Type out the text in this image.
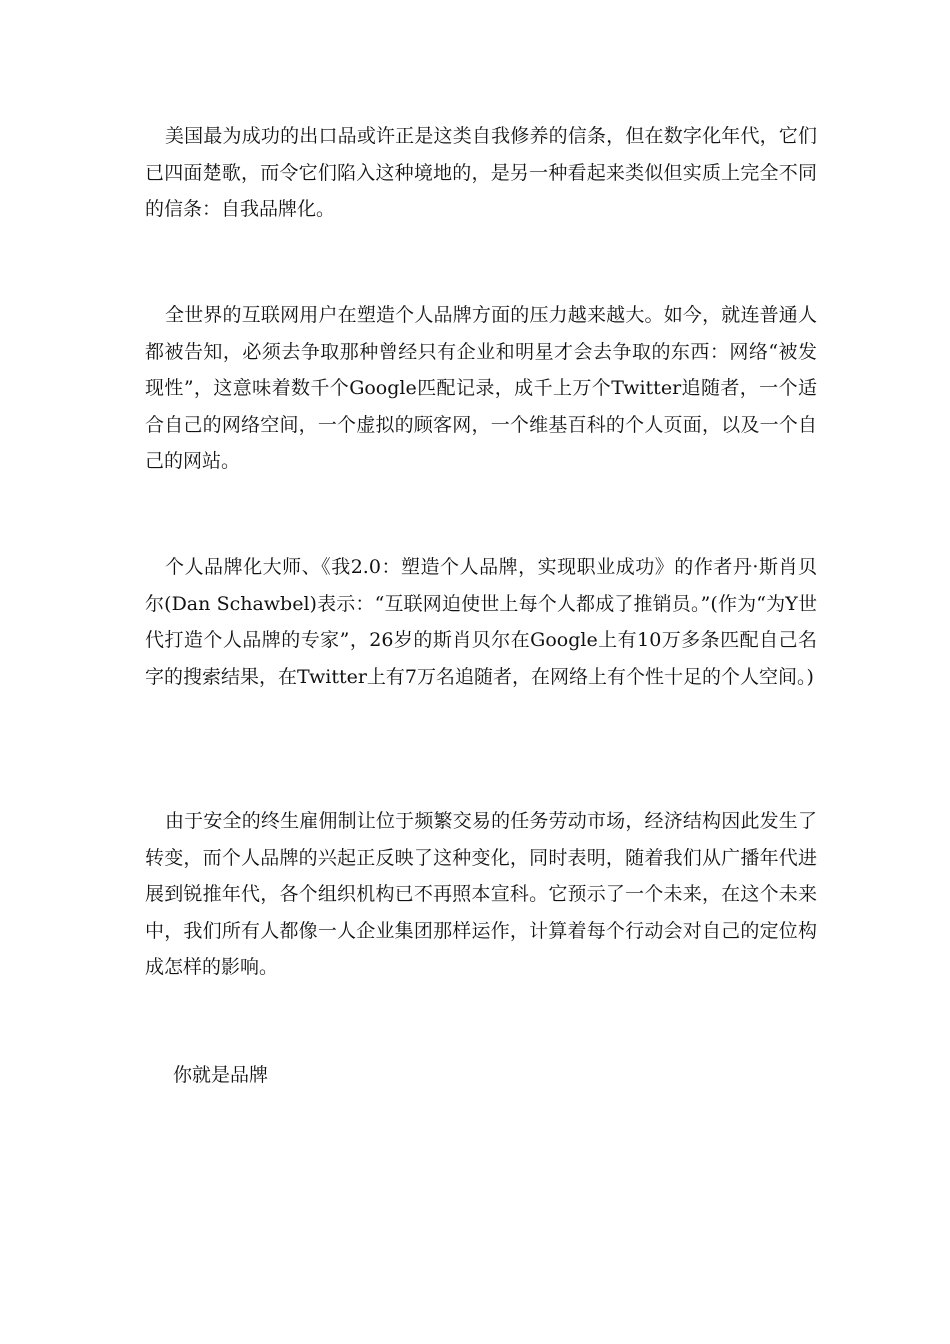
美国最为成功的出口品或许正是这类自我修养的信条，但在数字化年代，它们已四面楚歌，而令它们陷入这种境地的，是另一种看起来类似但实质上完全不同的信条：自我品牌化。

全世界的互联网用户在塑造个人品牌方面的压力越来越大。如今，就连普通人都被告知，必须去争取那种曾经只有企业和明星才会去争取的东西：网络“被发现性”，这意味着数千个Google匹配记录，成千上万个Twitter追随者，一个适合自己的网络空间，一个虚拟的顾客网，一个维基百科的个人页面，以及一个自己的网站。

个人品牌化大师、《我2.0：塑造个人品牌，实现职业成功》的作者丹·斯肖贝尔(Dan Schawbel)表示：“互联网迫使世上每个人都成了推销员。”(作为“为Y世代打造个人品牌的专家”，26岁的斯肖贝尔在Google上有10万多条匹配自己名字的搜索结果，在Twitter上有7万名追随者，在网络上有个性十足的个人空间。)

由于安全的终生雇佣制让位于频繁交易的任务劳动市场，经济结构因此发生了转变，而个人品牌的兴起正反映了这种变化，同时表明，随着我们从广播年代进展到锐推年代，各个组织机构已不再照本宣科。它预示了一个未来，在这个未来中，我们所有人都像一人企业集团那样运作，计算着每个行动会对自己的定位构成怎样的影响。

你就是品牌
